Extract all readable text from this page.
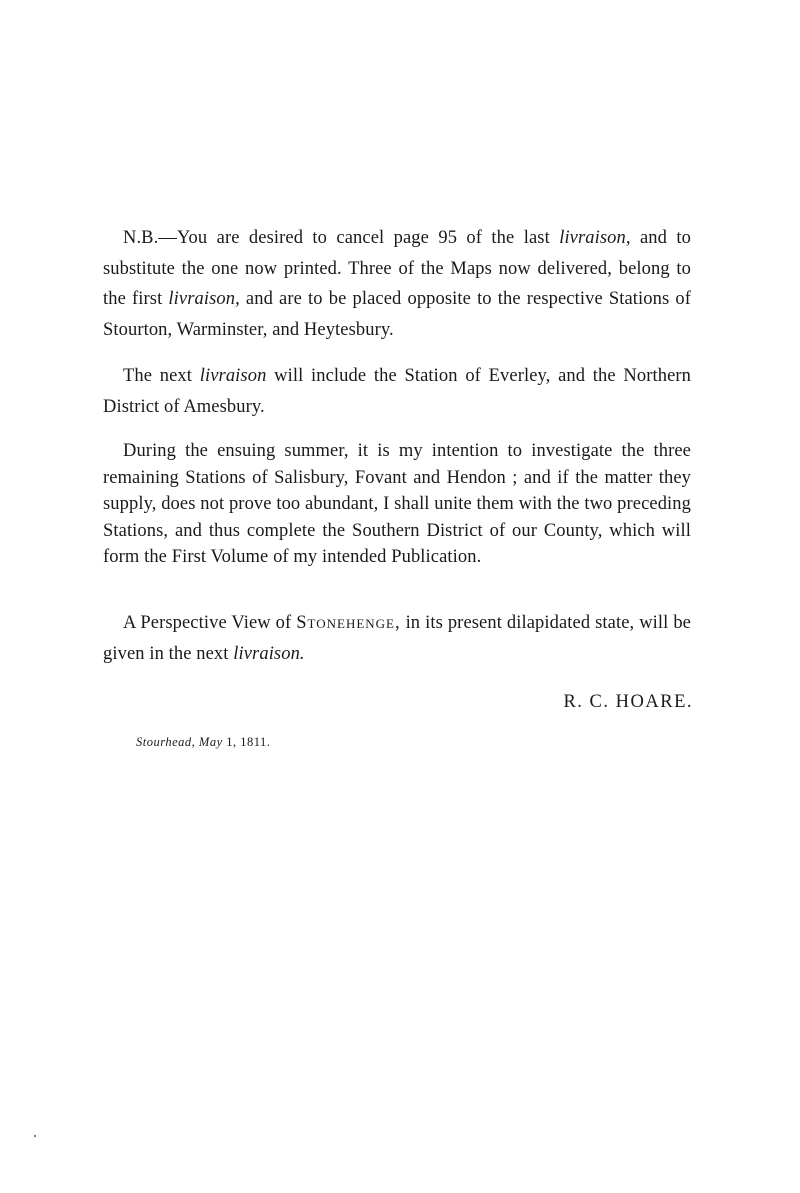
N.B.—You are desired to cancel page 95 of the last livraison, and to substitute the one now printed. Three of the Maps now delivered, belong to the first livraison, and are to be placed opposite to the respective Stations of Stourton, Warminster, and Heytesbury.

The next livraison will include the Station of Everley, and the Northern District of Amesbury.

During the ensuing summer, it is my intention to investigate the three remaining Stations of Salisbury, Fovant and Hendon ; and if the matter they supply, does not prove too abundant, I shall unite them with the two preceding Stations, and thus complete the Southern District of our County, which will form the First Volume of my intended Publication.

A Perspective View of Stonehenge, in its present dilapidated state, will be given in the next livraison.

R. C. HOARE.
Stourhead, May 1, 1811.
